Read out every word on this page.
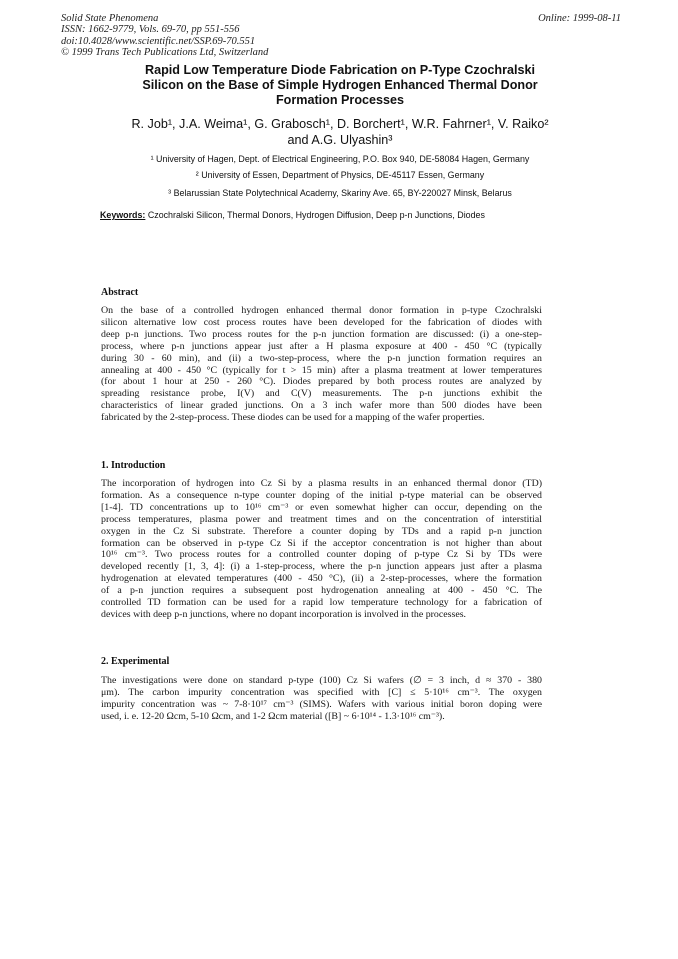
Solid State Phenomena
ISSN: 1662-9779, Vols. 69-70, pp 551-556
doi:10.4028/www.scientific.net/SSP.69-70.551
© 1999 Trans Tech Publications Ltd, Switzerland
Online: 1999-08-11
Rapid Low Temperature Diode Fabrication on P-Type Czochralski
Silicon on the Base of Simple Hydrogen Enhanced Thermal Donor
Formation Processes
R. Job¹, J.A. Weima¹, G. Grabosch¹, D. Borchert¹, W.R. Fahrner¹, V. Raiko²
and A.G. Ulyashin³
¹ University of Hagen, Dept. of Electrical Engineering, P.O. Box 940, DE-58084 Hagen, Germany
² University of Essen, Department of Physics, DE-45117 Essen, Germany
³ Belarussian State Polytechnical Academy, Skariny Ave. 65, BY-220027 Minsk, Belarus
Keywords: Czochralski Silicon, Thermal Donors, Hydrogen Diffusion, Deep p-n Junctions, Diodes
Abstract
On the base of a controlled hydrogen enhanced thermal donor formation in p-type Czochralski
silicon alternative low cost process routes have been developed for the fabrication of diodes with
deep p-n junctions. Two process routes for the p-n junction formation are discussed: (i) a one-step-
process, where p-n junctions appear just after a H plasma exposure at 400 - 450 °C (typically
during 30 - 60 min), and (ii) a two-step-process, where the p-n junction formation requires an
annealing at 400 - 450 °C (typically for t > 15 min) after a plasma treatment at lower temperatures
(for about 1 hour at 250 - 260 °C). Diodes prepared by both process routes are analyzed by
spreading resistance probe, I(V) and C(V) measurements. The p-n junctions exhibit the
characteristics of linear graded junctions. On a 3 inch wafer more than 500 diodes have been
fabricated by the 2-step-process. These diodes can be used for a mapping of the wafer properties.
1. Introduction
The incorporation of hydrogen into Cz Si by a plasma results in an enhanced thermal donor (TD)
formation. As a consequence n-type counter doping of the initial p-type material can be observed
[1-4]. TD concentrations up to 10¹⁶ cm⁻³ or even somewhat higher can occur, depending on the
process temperatures, plasma power and treatment times and on the concentration of interstitial
oxygen in the Cz Si substrate. Therefore a counter doping by TDs and a rapid p-n junction
formation can be observed in p-type Cz Si if the acceptor concentration is not higher than about
10¹⁶ cm⁻³. Two process routes for a controlled counter doping of p-type Cz Si by TDs were
developed recently [1, 3, 4]: (i) a 1-step-process, where the p-n junction appears just after a plasma
hydrogenation at elevated temperatures (400 - 450 °C), (ii) a 2-step-processes, where the formation
of a p-n junction requires a subsequent post hydrogenation annealing at 400 - 450 °C. The
controlled TD formation can be used for a rapid low temperature technology for a fabrication of
devices with deep p-n junctions, where no dopant incorporation is involved in the processes.
2. Experimental
The investigations were done on standard p-type (100) Cz Si wafers (∅ = 3 inch, d ≈ 370 - 380
μm). The carbon impurity concentration was specified with [C] ≤ 5·10¹⁶ cm⁻³. The oxygen
impurity concentration was ~ 7-8·10¹⁷ cm⁻³ (SIMS). Wafers with various initial boron doping were
used, i. e. 12-20 Ωcm, 5-10 Ωcm, and 1-2 Ωcm material ([B] ~ 6·10¹⁴ - 1.3·10¹⁶ cm⁻³).
